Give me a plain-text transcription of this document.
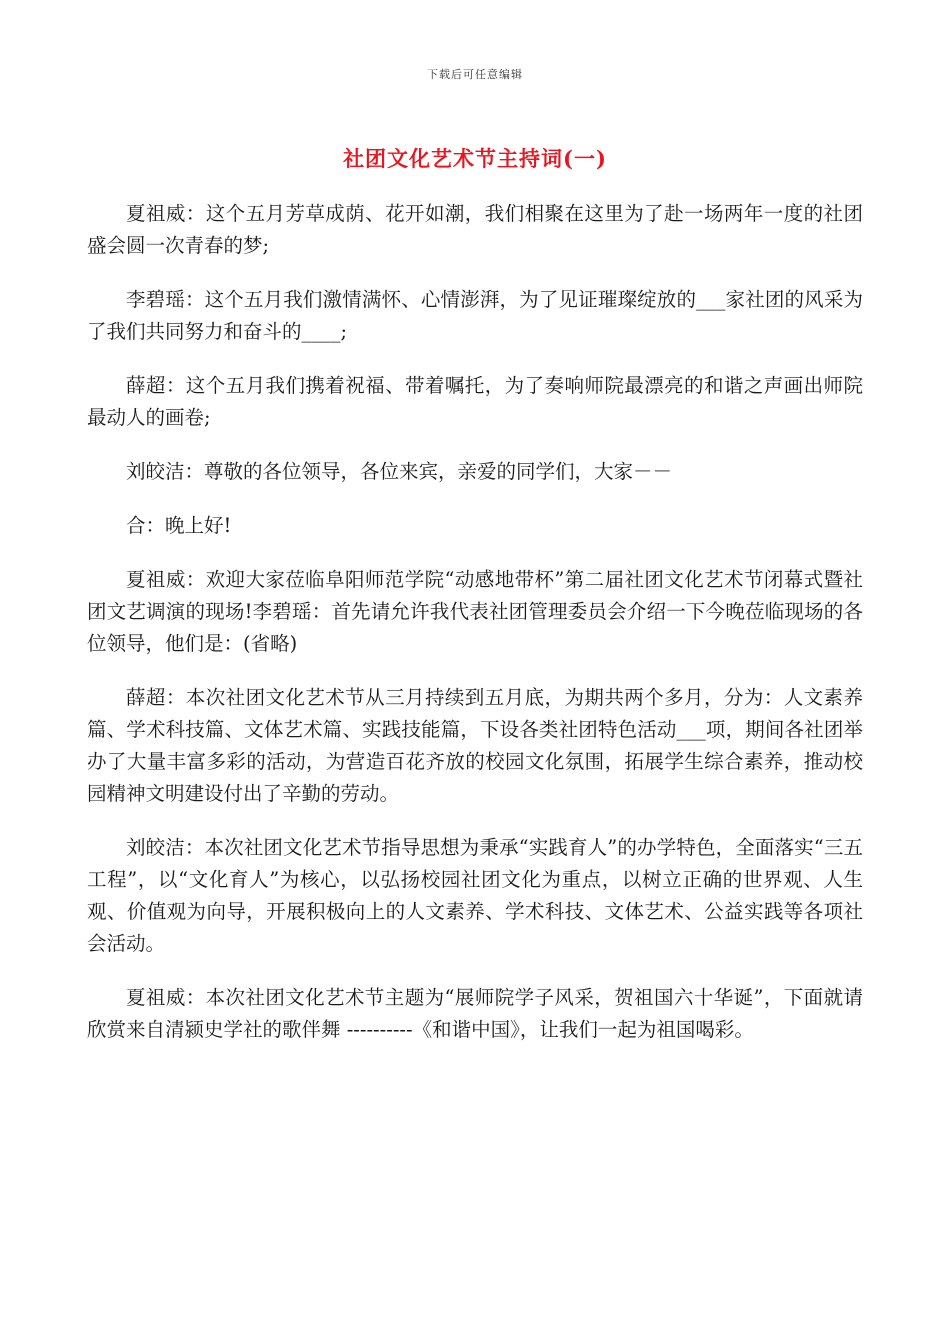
下载后可任意编辑
社团文化艺术节主持词(一)

夏祖威：这个五月芳草成荫、花开如潮，我们相聚在这里为了赴一场两年一度的社团盛会圆一次青春的梦;

李碧瑶：这个五月我们激情满怀、心情澎湃，为了见证璀璨绽放的___家社团的风采为了我们共同努力和奋斗的____;

薛超：这个五月我们携着祝福、带着嘱托，为了奏响师院最漂亮的和谐之声画出师院最动人的画卷;

刘皎洁：尊敬的各位领导，各位来宾，亲爱的同学们，大家－－

合：晚上好!

夏祖威：欢迎大家莅临阜阳师范学院“动感地带杯”第二届社团文化艺术节闭幕式暨社团文艺调演的现场!李碧瑶：首先请允许我代表社团管理委员会介绍一下今晚莅临现场的各位领导，他们是：(省略)

薛超：本次社团文化艺术节从三月持续到五月底，为期共两个多月，分为：人文素养篇、学术科技篇、文体艺术篇、实践技能篇，下设各类社团特色活动___项，期间各社团举办了大量丰富多彩的活动，为营造百花齐放的校园文化氛围，拓展学生综合素养，推动校园精神文明建设付出了辛勤的劳动。

刘皎洁：本次社团文化艺术节指导思想为秉承“实践育人”的办学特色，全面落实“三五工程”，以“文化育人”为核心，以弘扬校园社团文化为重点，以树立正确的世界观、人生观、价值观为向导，开展积极向上的人文素养、学术科技、文体艺术、公益实践等各项社会活动。

夏祖威：本次社团文化艺术节主题为“展师院学子风采，贺祖国六十华诞”，下面就请欣赏来自清颍史学社的歌伴舞 ----------《和谐中国》，让我们一起为祖国喝彩。
